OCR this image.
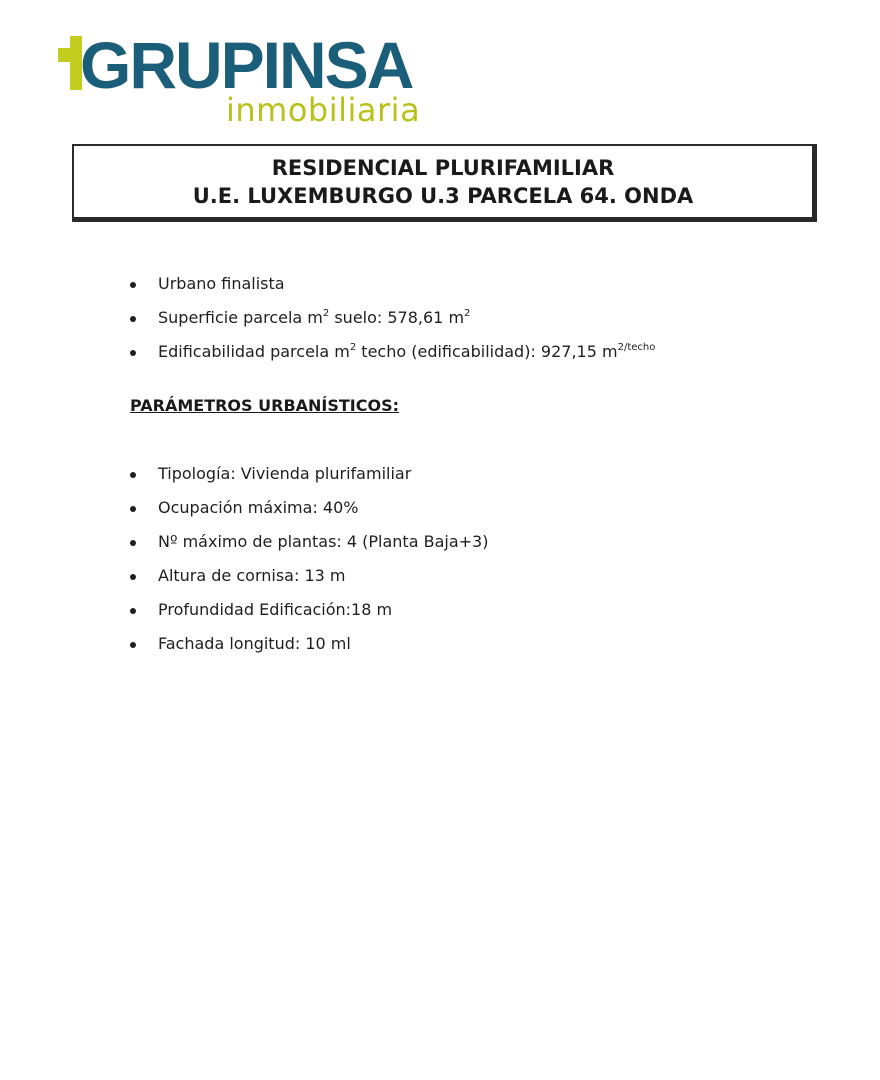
GRUPINSA
inmobiliaria
RESIDENCIAL PLURIFAMILIAR
U.E. LUXEMBURGO U.3 PARCELA 64. ONDA
Urbano finalista
Superficie parcela $m^2$ suelo: 578,61 $m^2$
Edificabilidad parcela $m^2$ techo (edificabilidad): 927,15 $m^{2/techo}$
PARÁMETROS URBANÍSTICOS:
Tipología: Vivienda plurifamiliar
Ocupación máxima: 40%
Nº máximo de plantas: 4 (Planta Baja+3)
Altura de cornisa: 13 m
Profundidad Edificación:18 m
Fachada longitud: 10 ml
